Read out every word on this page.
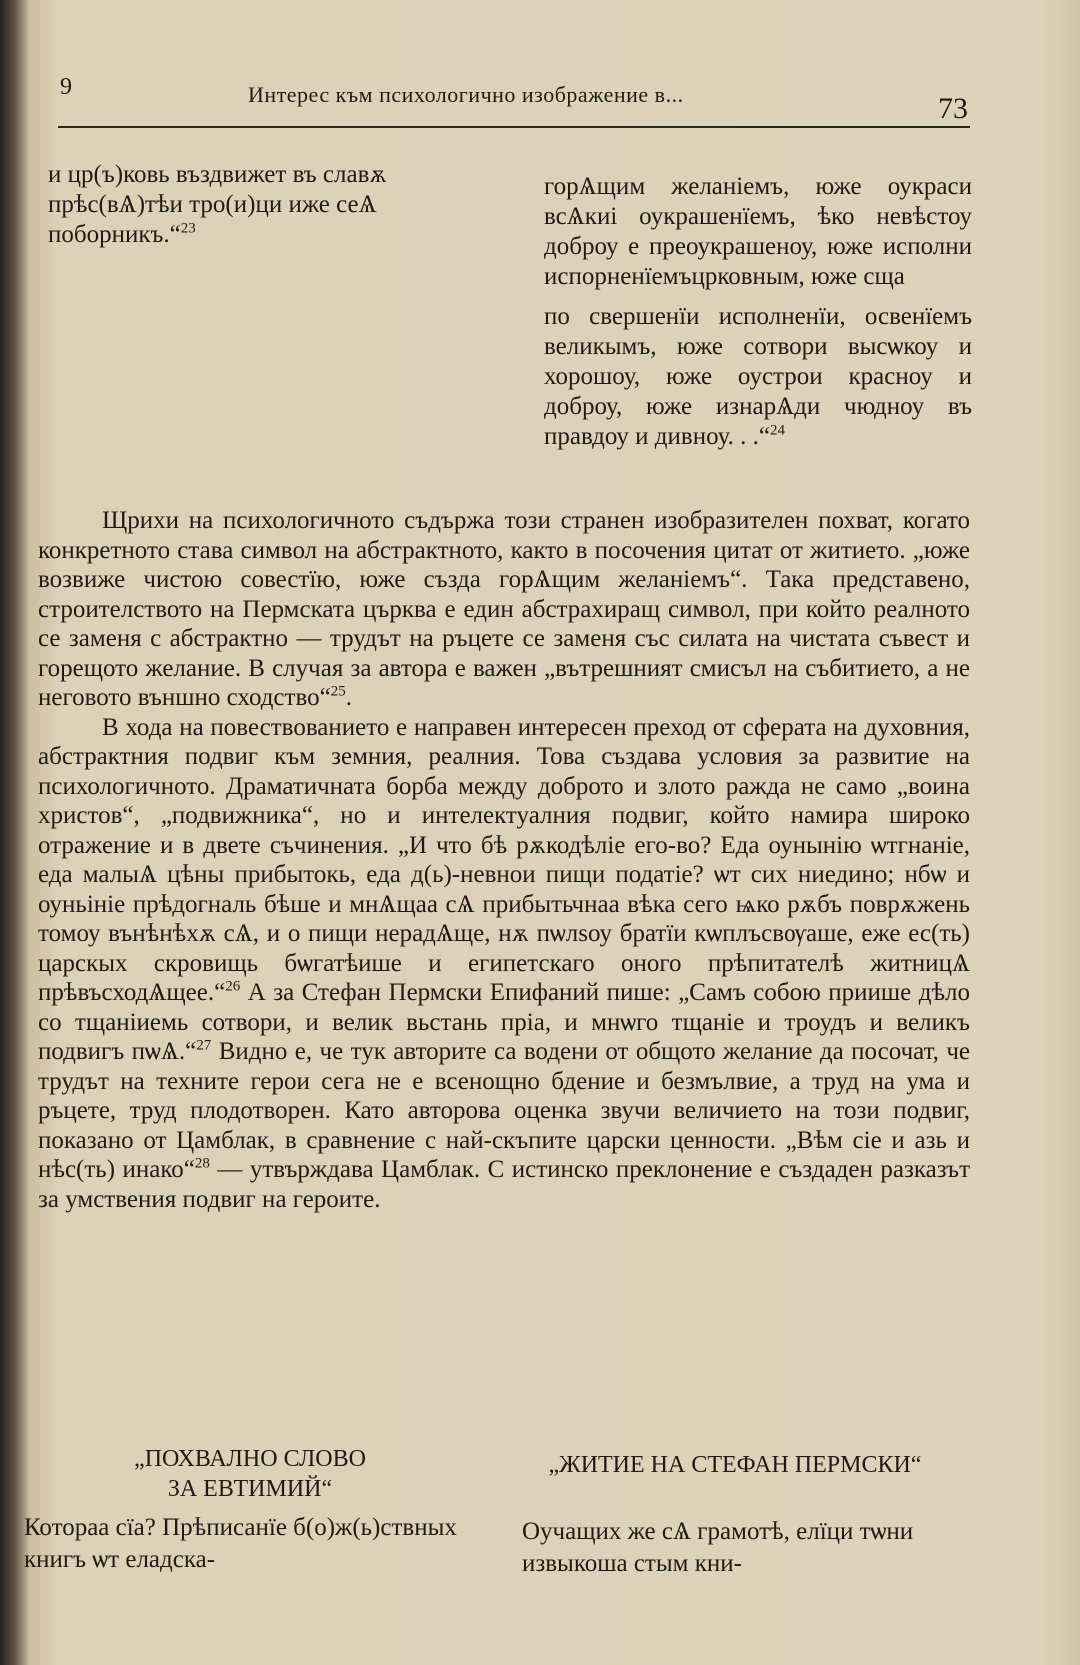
9	Интерес към психологично изображение в...	73

и цр(ъ)ковь въздвижет въ славѫ прѣс(вѦ)тѣи тро(и)ци иже сеѦ поборникъ.“$^{23}$

горѦщим желаніемъ, юже оукраси всѦкиі оукрашенїемъ, ѣко невѣстоу доброу е преоукрашеноу, юже исполни испорненїемъцрковным, юже сща

по свершенїи исполненїи, освенїемъ великымъ, юже сотвори высѡкоу и хорошоу, юже оустрои красноу и доброу, юже изнарѦди чюдноу въ правдоу и дивноу. . .“$^{24}$

Щрихи на психологичното съдържа този странен изобразителен похват, когато конкретното става символ на абстрактното, както в посочения цитат от житието. „юже возвиже чистою совестїю, юже създа горѦщим желаніемъ“. Така представено, строителството на Пермската църква е един абстрахиращ символ, при който реалното се заменя с абстрактно — трудът на ръцете се заменя със силата на чистата съвест и горещото желание. В случая за автора е важен „вътрешният смисъл на събитието, а не неговото външно сходство“$^{25}$.

В хода на повествованието е направен интересен преход от сферата на духовния, абстрактния подвиг към земния, реалния. Това създава условия за развитие на психологичното. Драматичната борба между доброто и злото ражда не само „воина христов“, „подвижника“, но и интелектуалния подвиг, който намира широко отражение и в двете съчинения. „И что бѣ рѫкодѣліе его-во? Еда оунынію ѡтгнаніе, еда малыѦ цѣны прибытокь, еда д(ь)-невнои пищи податіе? ѡт сих ниедино; нбѡ и оуньініе прѣдогналь бѣше и мнѦщаа сѦ прибытьчнаа вѣка сего ѩко рѫбъ поврѫжень томоу вънѣнѣхѫ сѦ, и о пищи нерадѦще, нѫ пѡлѕоу братїи кѡплъсвѹаше, еже ес(ть) царскых скровищь бѡгатѣише и египетскаго оного прѣпитателѣ житницѦ прѣвъсходѦщее.“$^{26}$ А за Стефан Пермски Епифаний пише: „Самъ собою приише дѣло со тщанiиемь сотвори, и велик вьстань пріа, и мнѡго тщаніе и троудъ и великъ подвигъ пѡѦ.“$^{27}$ Видно е, че тук авторите са водени от общото желание да посочат, че трудът на техните герои сега не е всенощно бдение и безмълвие, а труд на ума и ръцете, труд плодотворен. Като авторова оценка звучи величието на този подвиг, показано от Цамблак, в сравнение с най-скъпите царски ценности. „Вѣм сіе и азь и нѣс(ть) инако“$^{28}$ — утвърждава Цамблак. С истинско преклонение е създаден разказът за умствения подвиг на героите.

„ПОХВАЛНО СЛОВО
ЗА ЕВТИМИЙ“
„ЖИТИЕ НА СТЕФАН ПЕРМСКИ“
Котораа сїа? Прѣписанїе б(о)ж(ь)ствных книгъ ѡт еладска-
Оучащих же сѦ грамотѣ, елїци тѡни извыкоша стым кни-
